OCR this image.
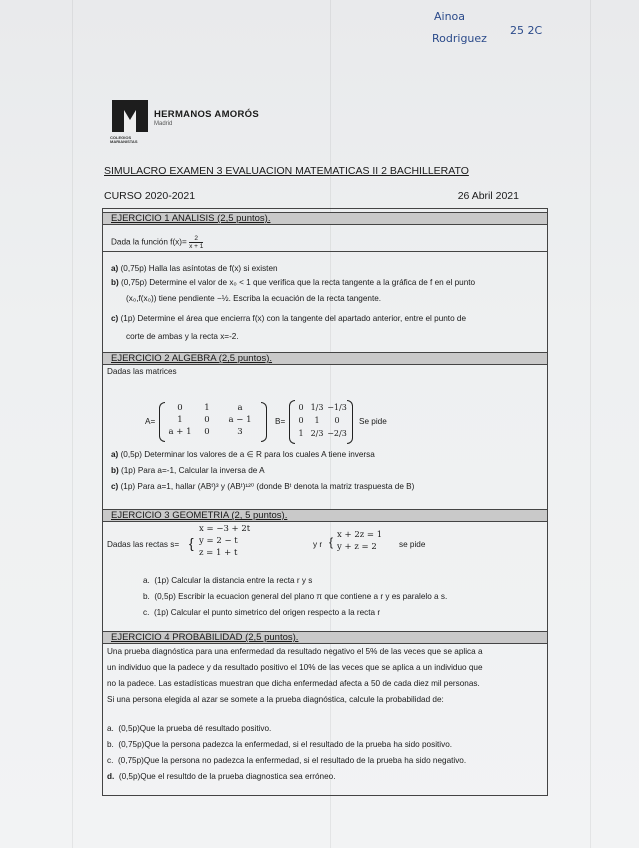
Ainoa
Rodriguez
25 2C
COLEGIOS MARIANISTAS
HERMANOS AMORÓS
Madrid
SIMULACRO EXAMEN 3 EVALUACION MATEMATICAS II 2 BACHILLERATO
CURSO 2020-2021	26 Abril 2021
EJERCICIO 1 ANALISIS (2,5 puntos).
Dada la función $f(x)= \frac{2}{x + 1}$
a) (0,75p) Halla las asíntotas de f(x) si existen
b) (0,75p) Determine el valor de x₀ < 1 que verifica que la recta tangente a la gráfica de f en el punto
(x₀,f(x₀)) tiene pendiente −½. Escriba la ecuación de la recta tangente.
c) (1p) Determine el área que encierra f(x) con la tangente del apartado anterior, entre el punto de
corte de ambas y la recta x=-2.
EJERCICIO 2 ALGEBRA (2,5 puntos).
Dadas las matrices
A=
0	1	a
1	0	a − 1
a + 1	0	3
B=
0 1/3 −1/3
0	1	0
1 2/3 −2/3
Se pide
a) (0,5p) Determinar los valores de a ∈ R para los cuales A tiene inversa
b) (1p) Para a=-1, Calcular la inversa de A
c) (1p) Para a=1, hallar (ABᵗ)³ y (ABᵗ)¹²⁰ (donde Bᵗ denota la matriz traspuesta de B)
EJERCICIO 3 GEOMETRIA (2, 5 puntos).
Dadas las rectas s= {
x = −3 + 2t
y = 2 − t
z = 1 + t
y r { x + 2z = 1
y + z = 2	se pide
a. (1p) Calcular la distancia entre la recta r y s
b. (0,5p) Escribir la ecuacion general del plano π que contiene a r y es paralelo a s.
c. (1p) Calcular el punto simetrico del origen respecto a la recta r
EJERCICIO 4 PROBABILIDAD (2,5 puntos).
Una prueba diagnóstica para una enfermedad da resultado negativo el 5% de las veces que se aplica a
un individuo que la padece y da resultado positivo el 10% de las veces que se aplica a un individuo que
no la padece. Las estadísticas muestran que dicha enfermedad afecta a 50 de cada diez mil personas.
Si una persona elegida al azar se somete a la prueba diagnóstica, calcule la probabilidad de:
a. (0,5p)Que la prueba dé resultado positivo.
b. (0,75p)Que la persona padezca la enfermedad, si el resultado de la prueba ha sido positivo.
c. (0,75p)Que la persona no padezca la enfermedad, si el resultado de la prueba ha sido negativo.
d. (0,5p)Que el resultdo de la prueba diagnostica sea erróneo.
